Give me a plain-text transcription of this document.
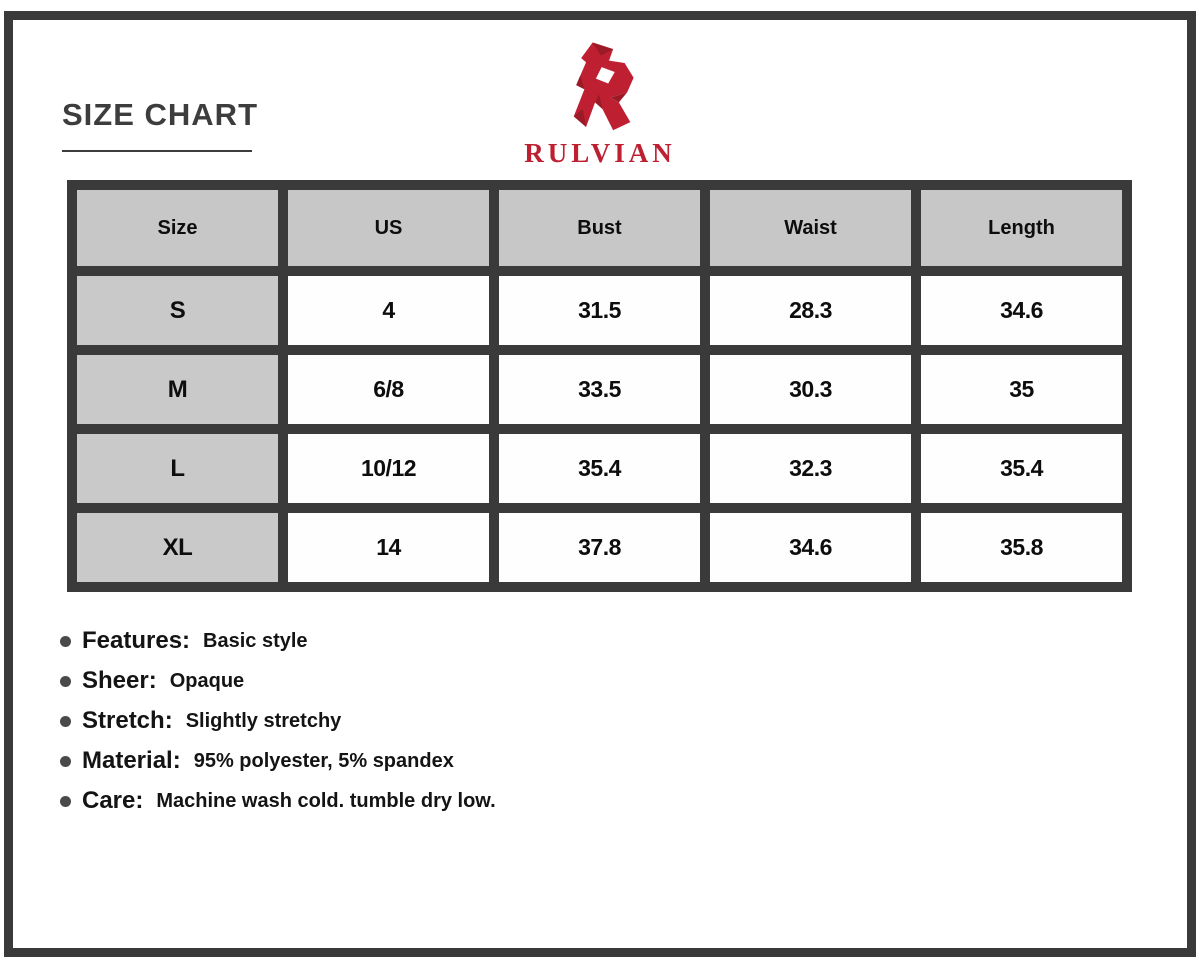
SIZE CHART
RULVIAN
Size	US	Bust	Waist	Length
S	4	31.5	28.3	34.6
M	6/8	33.5	30.3	35
L	10/12	35.4	32.3	35.4
XL	14	37.8	34.6	35.8
Features: Basic style
Sheer: Opaque
Stretch: Slightly stretchy
Material: 95% polyester, 5% spandex
Care: Machine wash cold. tumble dry low.
